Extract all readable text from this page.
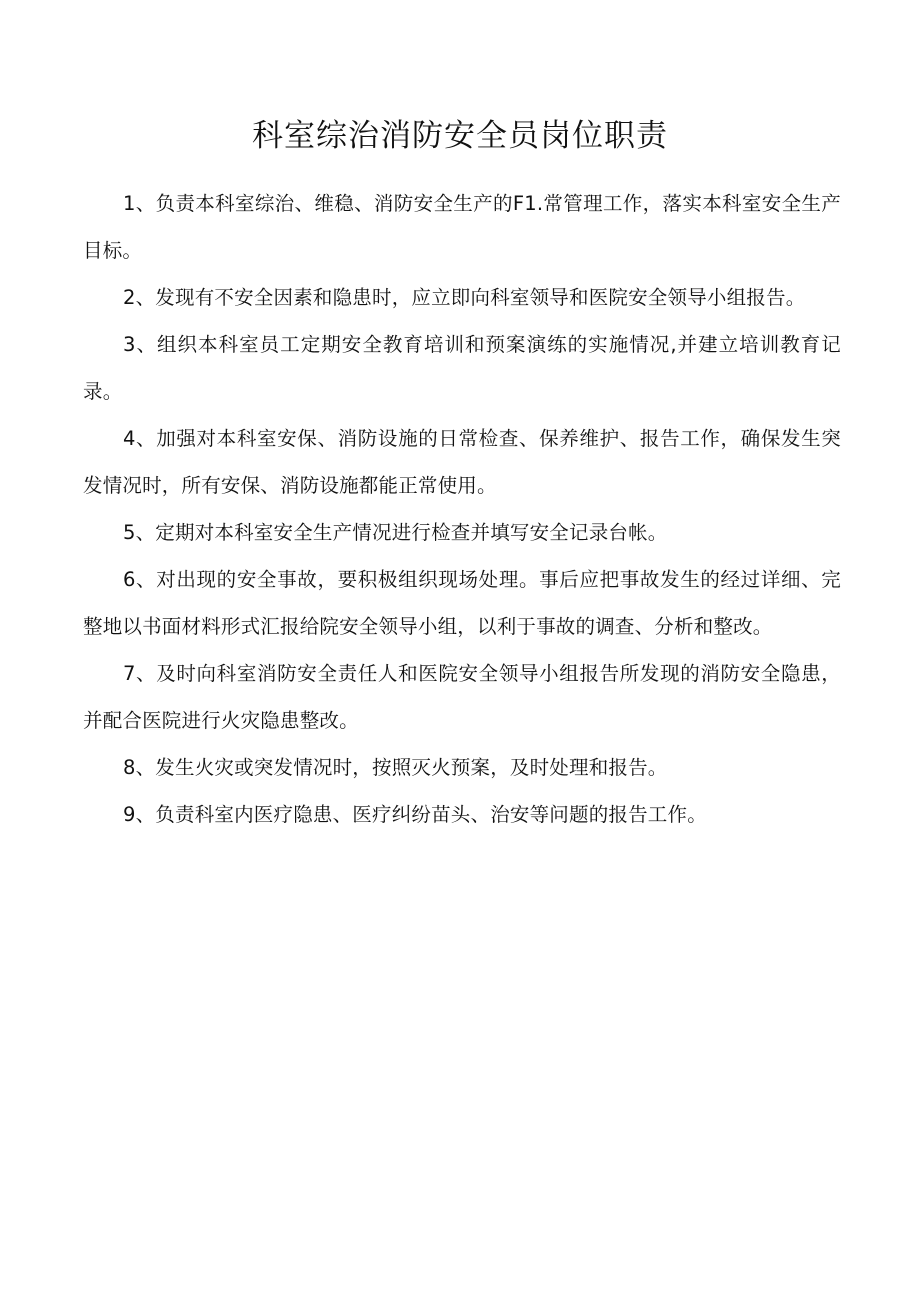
科室综治消防安全员岗位职责

1、负责本科室综治、维稳、消防安全生产的F1.常管理工作，落实本科室安全生产目标。

2、发现有不安全因素和隐患时，应立即向科室领导和医院安全领导小组报告。

3、组织本科室员工定期安全教育培训和预案演练的实施情况,并建立培训教育记录。

4、加强对本科室安保、消防设施的日常检查、保养维护、报告工作，确保发生突发情况时，所有安保、消防设施都能正常使用。

5、定期对本科室安全生产情况进行检查并填写安全记录台帐。

6、对出现的安全事故，要积极组织现场处理。事后应把事故发生的经过详细、完整地以书面材料形式汇报给院安全领导小组，以利于事故的调查、分析和整改。

7、及时向科室消防安全责任人和医院安全领导小组报告所发现的消防安全隐患，并配合医院进行火灾隐患整改。

8、发生火灾或突发情况时，按照灭火预案，及时处理和报告。

9、负责科室内医疗隐患、医疗纠纷苗头、治安等问题的报告工作。
